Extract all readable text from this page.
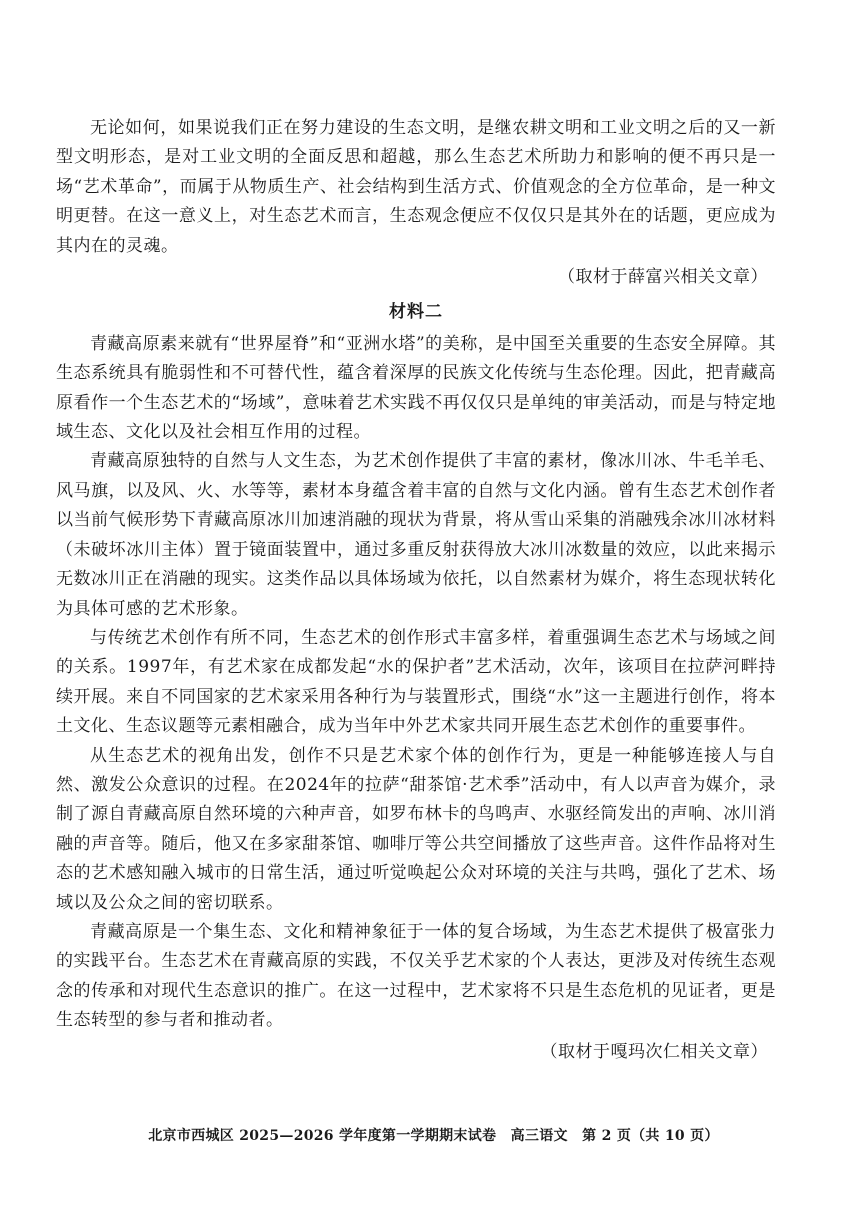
无论如何，如果说我们正在努力建设的生态文明，是继农耕文明和工业文明之后的又一新型文明形态，是对工业文明的全面反思和超越，那么生态艺术所助力和影响的便不再只是一场“艺术革命”，而属于从物质生产、社会结构到生活方式、价值观念的全方位革命，是一种文明更替。在这一意义上，对生态艺术而言，生态观念便应不仅仅只是其外在的话题，更应成为其内在的灵魂。

（取材于薛富兴相关文章）

材料二

青藏高原素来就有“世界屋脊”和“亚洲水塔”的美称，是中国至关重要的生态安全屏障。其生态系统具有脆弱性和不可替代性，蕴含着深厚的民族文化传统与生态伦理。因此，把青藏高原看作一个生态艺术的“场域”，意味着艺术实践不再仅仅只是单纯的审美活动，而是与特定地域生态、文化以及社会相互作用的过程。

青藏高原独特的自然与人文生态，为艺术创作提供了丰富的素材，像冰川冰、牛毛羊毛、风马旗，以及风、火、水等等，素材本身蕴含着丰富的自然与文化内涵。曾有生态艺术创作者以当前气候形势下青藏高原冰川加速消融的现状为背景，将从雪山采集的消融残余冰川冰材料（未破坏冰川主体）置于镜面装置中，通过多重反射获得放大冰川冰数量的效应，以此来揭示无数冰川正在消融的现实。这类作品以具体场域为依托，以自然素材为媒介，将生态现状转化为具体可感的艺术形象。

与传统艺术创作有所不同，生态艺术的创作形式丰富多样，着重强调生态艺术与场域之间的关系。1997年，有艺术家在成都发起“水的保护者”艺术活动，次年，该项目在拉萨河畔持续开展。来自不同国家的艺术家采用各种行为与装置形式，围绕“水”这一主题进行创作，将本土文化、生态议题等元素相融合，成为当年中外艺术家共同开展生态艺术创作的重要事件。

从生态艺术的视角出发，创作不只是艺术家个体的创作行为，更是一种能够连接人与自然、激发公众意识的过程。在2024年的拉萨“甜茶馆·艺术季”活动中，有人以声音为媒介，录制了源自青藏高原自然环境的六种声音，如罗布林卡的鸟鸣声、水驱经筒发出的声响、冰川消融的声音等。随后，他又在多家甜茶馆、咖啡厅等公共空间播放了这些声音。这件作品将对生态的艺术感知融入城市的日常生活，通过听觉唤起公众对环境的关注与共鸣，强化了艺术、场域以及公众之间的密切联系。

青藏高原是一个集生态、文化和精神象征于一体的复合场域，为生态艺术提供了极富张力的实践平台。生态艺术在青藏高原的实践，不仅关乎艺术家的个人表达，更涉及对传统生态观念的传承和对现代生态意识的推广。在这一过程中，艺术家将不只是生态危机的见证者，更是生态转型的参与者和推动者。

（取材于嘎玛次仁相关文章）

北京市西城区 2025—2026 学年度第一学期期末试卷　高三语文　第 2 页（共 10 页）
